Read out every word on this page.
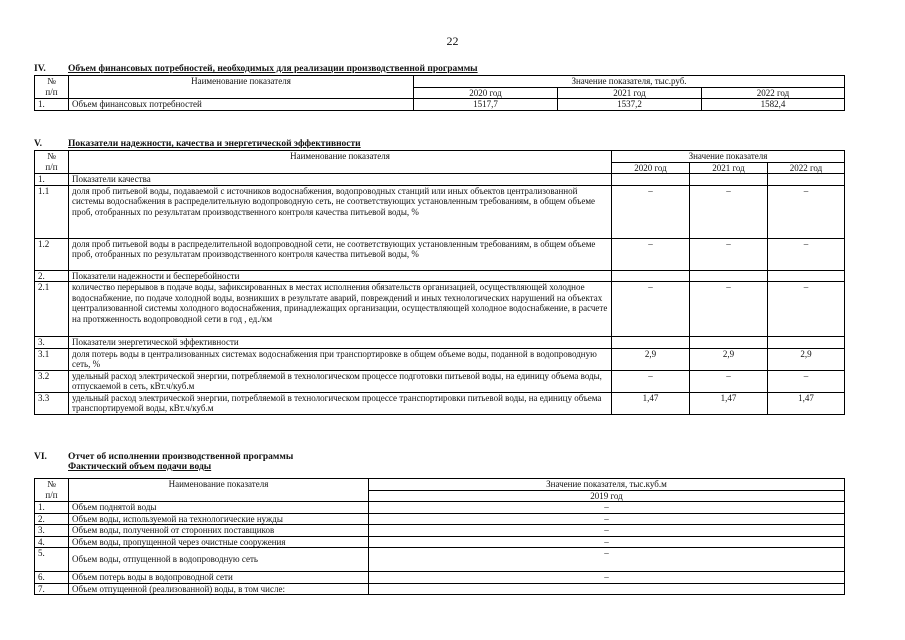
22
IV. Объем финансовых потребностей, необходимых для реализации производственной программы
№
п/п	Наименование показателя	Значение показателя, тыс.руб.		
		2020 год	2021 год	2022 год
1.	Объем финансовых потребностей	1517,7	1537,2	1582,4
V.	Показатели надежности, качества и энергетической эффективности
№
п/п	Наименование показателя	Значение показателя		
		2020 год	2021 год	2022 год
1.	Показатели качества			
1.1	доля проб питьевой воды, подаваемой с источников водоснабжения, водопроводных станций или иных объектов централизованной системы водоснабжения в распределительную водопроводную сеть, не соответствующих установленным требованиям, в общем объеме проб, отобранных по результатам производственного контроля качества питьевой воды, %	–	–	–
1.2	доля проб питьевой воды в распределительной водопроводной сети, не соответствующих установленным требованиям, в общем объеме проб, отобранных по результатам производственного контроля качества питьевой воды, %	–	–	–
2.	Показатели надежности и бесперебойности			
2.1	количество перерывов в подаче воды, зафиксированных в местах исполнения обязательств организацией, осуществляющей холодное водоснабжение, по подаче холодной воды, возникших в результате аварий, повреждений и иных технологических нарушений на объектах централизованной системы холодного водоснабжения, принадлежащих организации, осуществляющей холодное водоснабжение, в расчете на протяженность водопроводной сети в год , ед./км	–	–	–
3.	Показатели энергетической эффективности			
3.1	доля потерь воды в централизованных системах водоснабжения при транспортировке в общем объеме воды, поданной в водопроводную сеть, %	2,9	2,9	2,9
3.2	удельный расход электрической энергии, потребляемой в технологическом процессе подготовки питьевой воды, на единицу объема воды, отпускаемой в сеть, кВт.ч/куб.м	–	–	–
3.3	удельный расход электрической энергии, потребляемой в технологическом процессе транспортировки питьевой воды, на единицу объема транспортируемой воды, кВт.ч/куб.м	1,47	1,47	1,47
VI. Отчет об исполнении производственной программы
Фактический объем подачи воды
№
п/п	Наименование показателя	Значение показателя, тыс.куб.м
		2019 год
1.	Объем поднятой воды	–
2.	Объем воды, используемой на технологические нужды	–
3.	Объем воды, полученной от сторонних поставщиков	–
4.	Объем воды, пропущенной через очистные сооружения	–
5.	Объем воды, отпущенной в водопроводную сеть	–
6.	Объем потерь воды в водопроводной сети	–
7.	Объем отпущенной (реализованной) воды, в том числе:	
